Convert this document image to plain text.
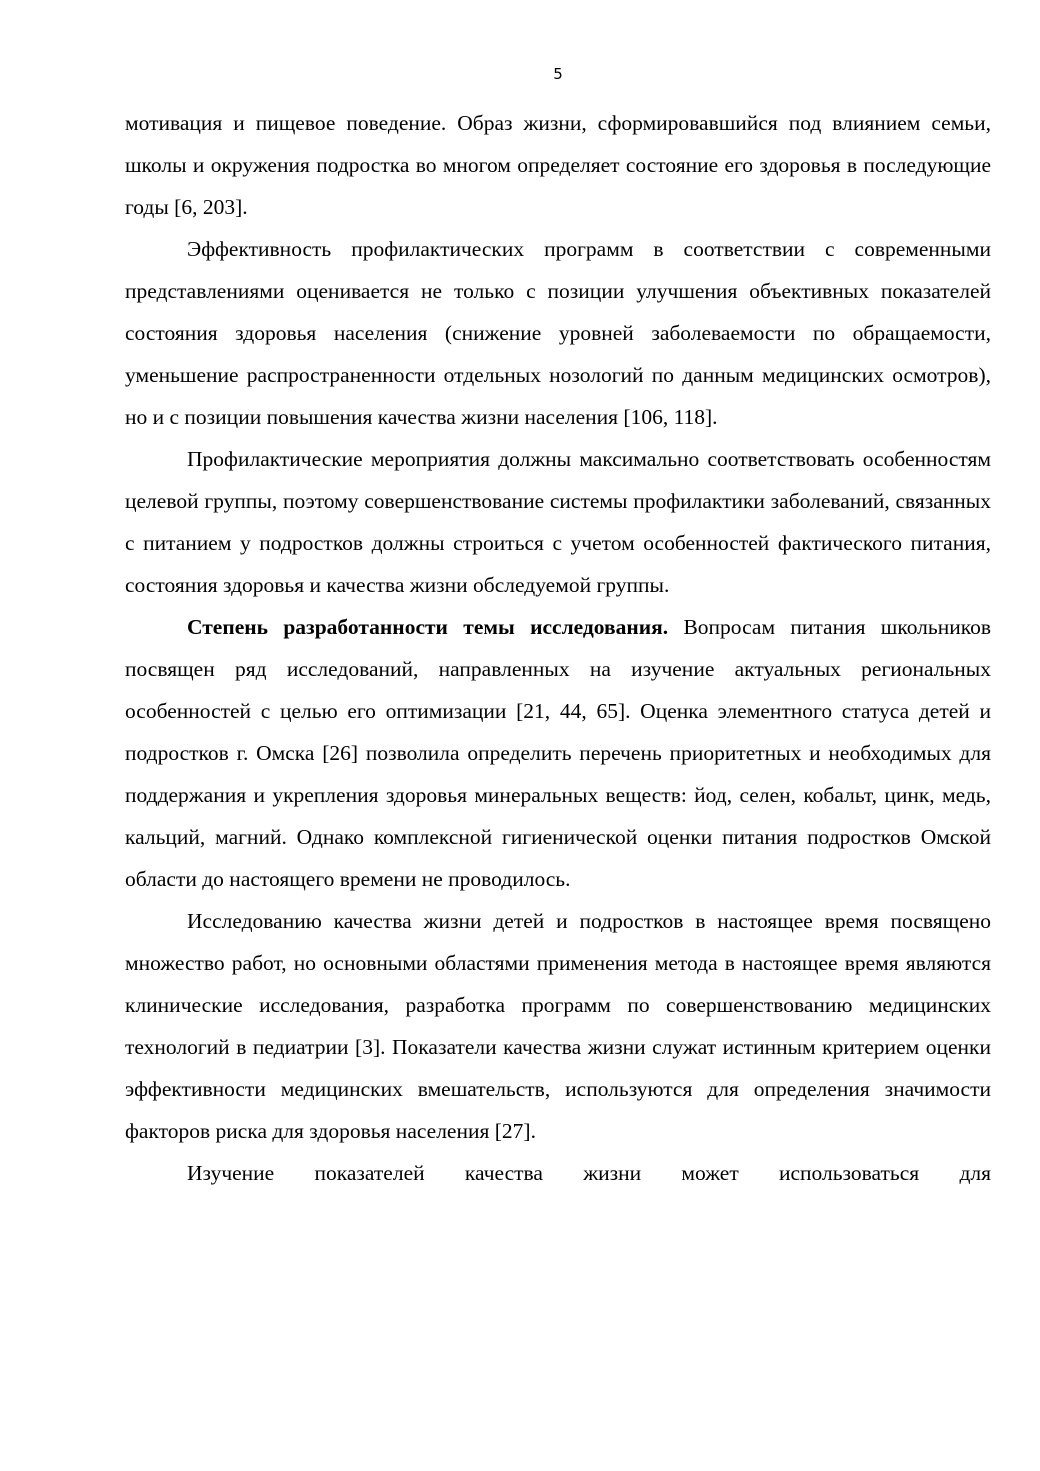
5

мотивация и пищевое поведение. Образ жизни, сформировавшийся под влиянием семьи, школы и окружения подростка во многом определяет состояние его здоровья в последующие годы [6, 203].

Эффективность профилактических программ в соответствии с современными представлениями оценивается не только с позиции улучшения объективных показателей состояния здоровья населения (снижение уровней заболеваемости по обращаемости, уменьшение распространенности отдельных нозологий по данным медицинских осмотров), но и с позиции повышения качества жизни населения [106, 118].

Профилактические мероприятия должны максимально соответствовать особенностям целевой группы, поэтому совершенствование системы профилактики заболеваний, связанных с питанием у подростков должны строиться с учетом особенностей фактического питания, состояния здоровья и качества жизни обследуемой группы.

Степень разработанности темы исследования. Вопросам питания школьников посвящен ряд исследований, направленных на изучение актуальных региональных особенностей с целью его оптимизации [21, 44, 65]. Оценка элементного статуса детей и подростков г. Омска [26] позволила определить перечень приоритетных и необходимых для поддержания и укрепления здоровья минеральных веществ: йод, селен, кобальт, цинк, медь, кальций, магний. Однако комплексной гигиенической оценки питания подростков Омской области до настоящего времени не проводилось.

Исследованию качества жизни детей и подростков в настоящее время посвящено множество работ, но основными областями применения метода в настоящее время являются клинические исследования, разработка программ по совершенствованию медицинских технологий в педиатрии [3]. Показатели качества жизни служат истинным критерием оценки эффективности медицинских вмешательств, используются для определения значимости факторов риска для здоровья населения [27].

Изучение показателей качества жизни может использоваться для
